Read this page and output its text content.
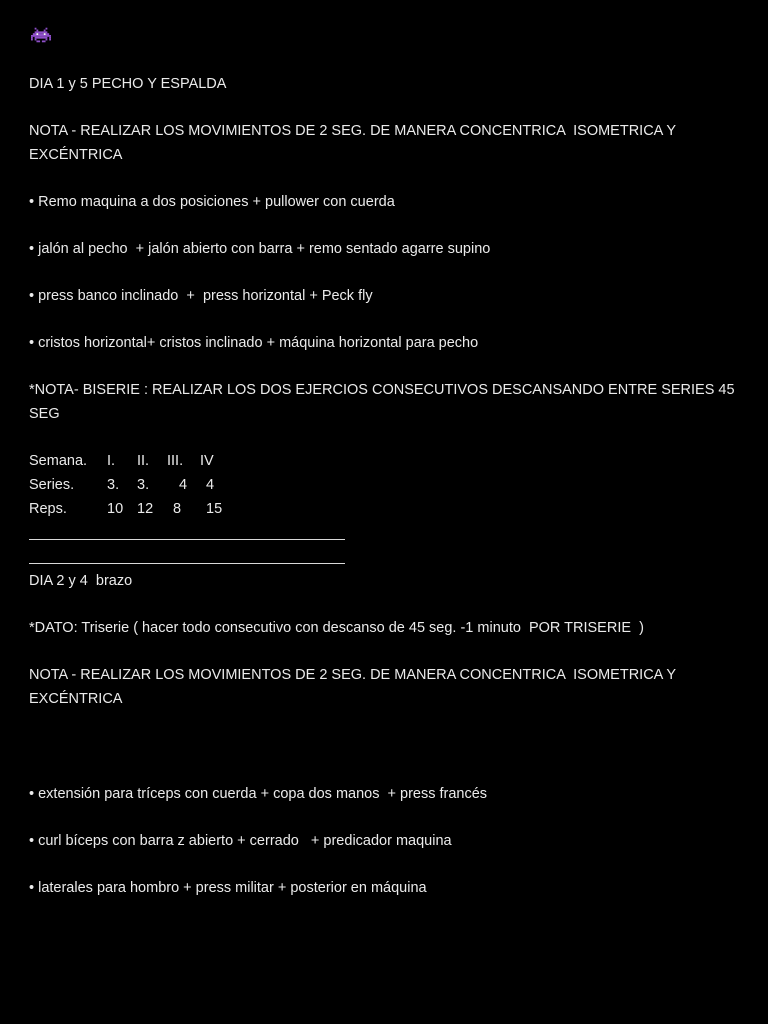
DIA 1 y 5 PECHO Y ESPALDA
NOTA - REALIZAR LOS MOVIMIENTOS DE 2 SEG. DE MANERA CONCENTRICA  ISOMETRICA Y EXCÉNTRICA
• Remo maquina a dos posiciones + pullower con cuerda
• jalón al pecho  + jalón abierto con barra + remo sentado agarre supino
• press banco inclinado  +  press horizontal + Peck fly
• cristos horizontal+ cristos inclinado + máquina horizontal para pecho
*NOTA- BISERIE : REALIZAR LOS DOS EJERCIOS CONSECUTIVOS DESCANSANDO ENTRE SERIES 45 SEG
Semana.	I.	II.	III.	IV
Series.	3.	3.	4	4
Reps.	10	12	8	15
DIA 2 y 4  brazo
*DATO: Triserie ( hacer todo consecutivo con descanso de 45 seg. -1 minuto  POR TRISERIE  )
NOTA - REALIZAR LOS MOVIMIENTOS DE 2 SEG. DE MANERA CONCENTRICA  ISOMETRICA Y EXCÉNTRICA
• extensión para tríceps con cuerda + copa dos manos  + press francés
• curl bíceps con barra z abierto + cerrado   + predicador maquina
• laterales para hombro + press militar + posterior en máquina
